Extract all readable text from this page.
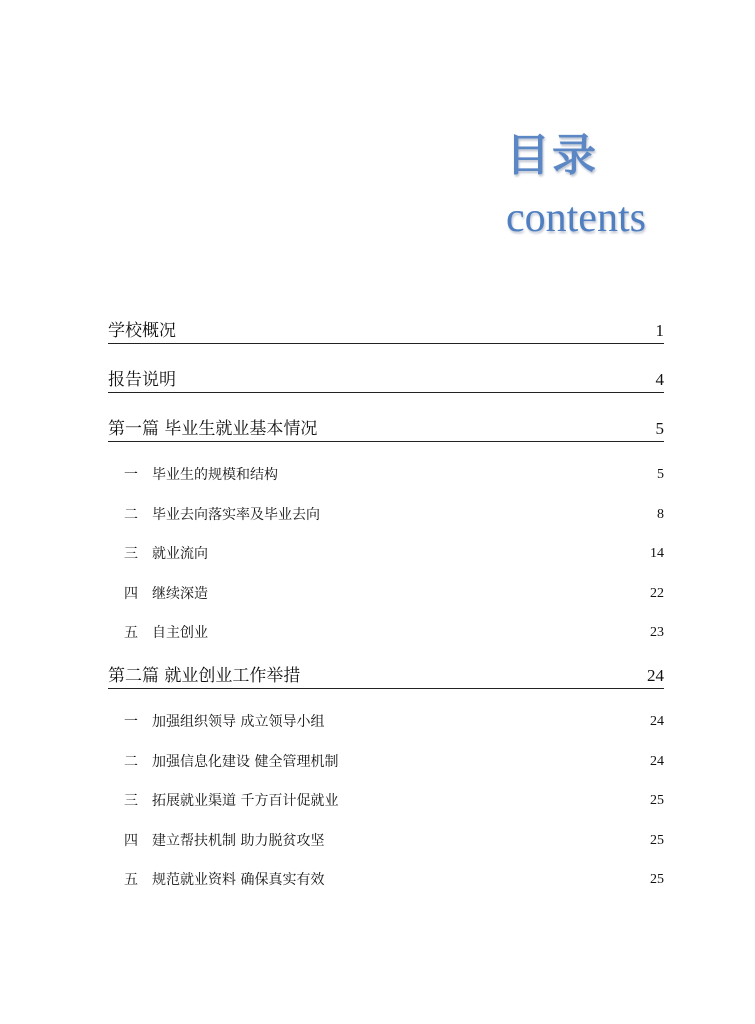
目录
contents
学校概况	1
报告说明	4
第一篇 毕业生就业基本情况	5
一	毕业生的规模和结构	5
二	毕业去向落实率及毕业去向	8
三	就业流向	14
四	继续深造	22
五	自主创业	23
第二篇 就业创业工作举措	24
一	加强组织领导 成立领导小组	24
二	加强信息化建设 健全管理机制	24
三	拓展就业渠道 千方百计促就业	25
四	建立帮扶机制 助力脱贫攻坚	25
五	规范就业资料 确保真实有效	25
